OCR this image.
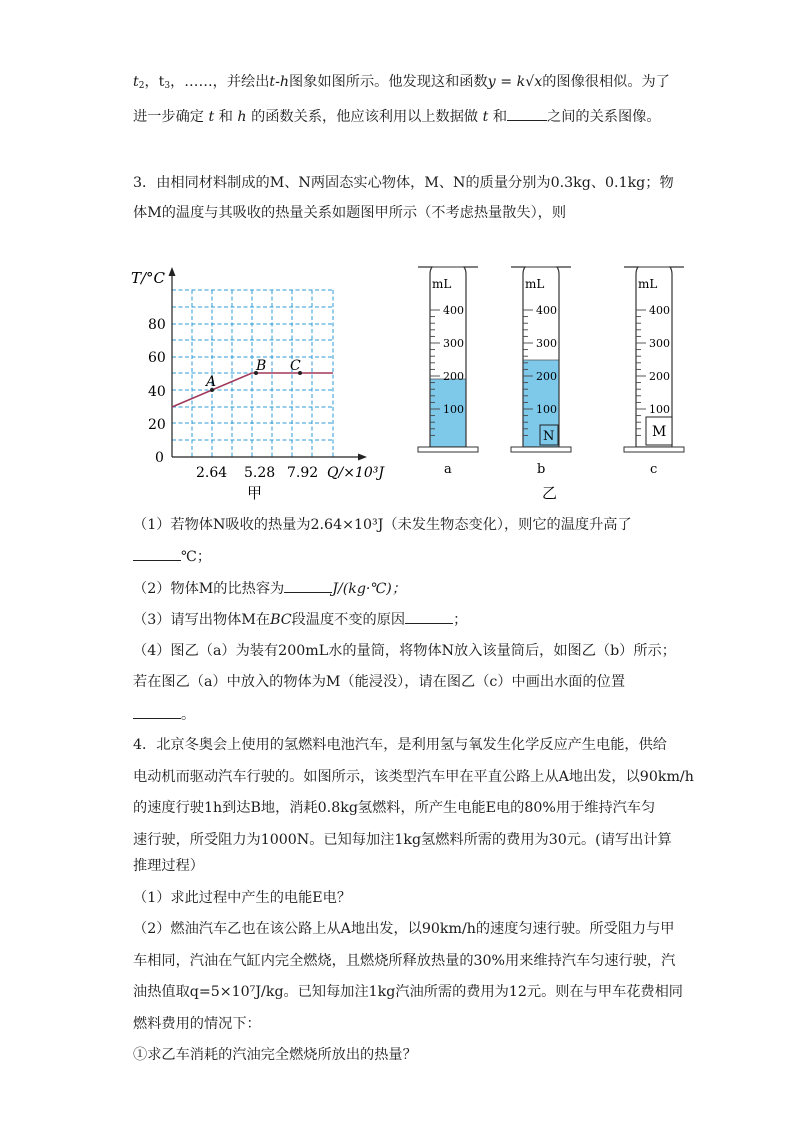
$t_2$，$t_3$，……，并绘出t-h图象如图所示。他发现这和函数y = k√x的图像很相似。为了
进一步确定 t 和 h 的函数关系，他应该利用以上数据做 t 和	之间的关系图像。
3．由相同材料制成的M、N两固态实心物体，M、N的质量分别为0.3kg、0.1kg；物
体M的温度与其吸收的热量关系如题图甲所示（不考虑热量散失），则
A
B C
T/°C
0
20
40
60
80
2.64 5.28 7.92 Q/×10³J
甲
mL
400
300
200
100
a
mL
400
300
200
100
N
b
mL
400
300
200
100
M
c
乙
（1）若物体N吸收的热量为2.64×10³J（未发生物态变化），则它的温度升高了
℃；
（2）物体M的比热容为	J/(kg·℃)；
（3）请写出物体M在BC段温度不变的原因	；
（4）图乙（a）为装有200mL水的量筒，将物体N放入该量筒后，如图乙（b）所示；
若在图乙（a）中放入的物体为M（能浸没），请在图乙（c）中画出水面的位置
。
4．北京冬奥会上使用的氢燃料电池汽车，是利用氢与氧发生化学反应产生电能，供给
电动机而驱动汽车行驶的。如图所示，该类型汽车甲在平直公路上从A地出发，以90km/h
的速度行驶1h到达B地，消耗0.8kg氢燃料，所产生电能E电的80%用于维持汽车匀
速行驶，所受阻力为1000N。已知每加注1kg氢燃料所需的费用为30元。(请写出计算
推理过程）
（1）求此过程中产生的电能E电？
（2）燃油汽车乙也在该公路上从A地出发，以90km/h的速度匀速行驶。所受阻力与甲
车相同，汽油在气缸内完全燃烧，且燃烧所释放热量的30%用来维持汽车匀速行驶，汽
油热值取q=5×10⁷J/kg。已知每加注1kg汽油所需的费用为12元。则在与甲车花费相同
燃料费用的情况下：
①求乙车消耗的汽油完全燃烧所放出的热量？
